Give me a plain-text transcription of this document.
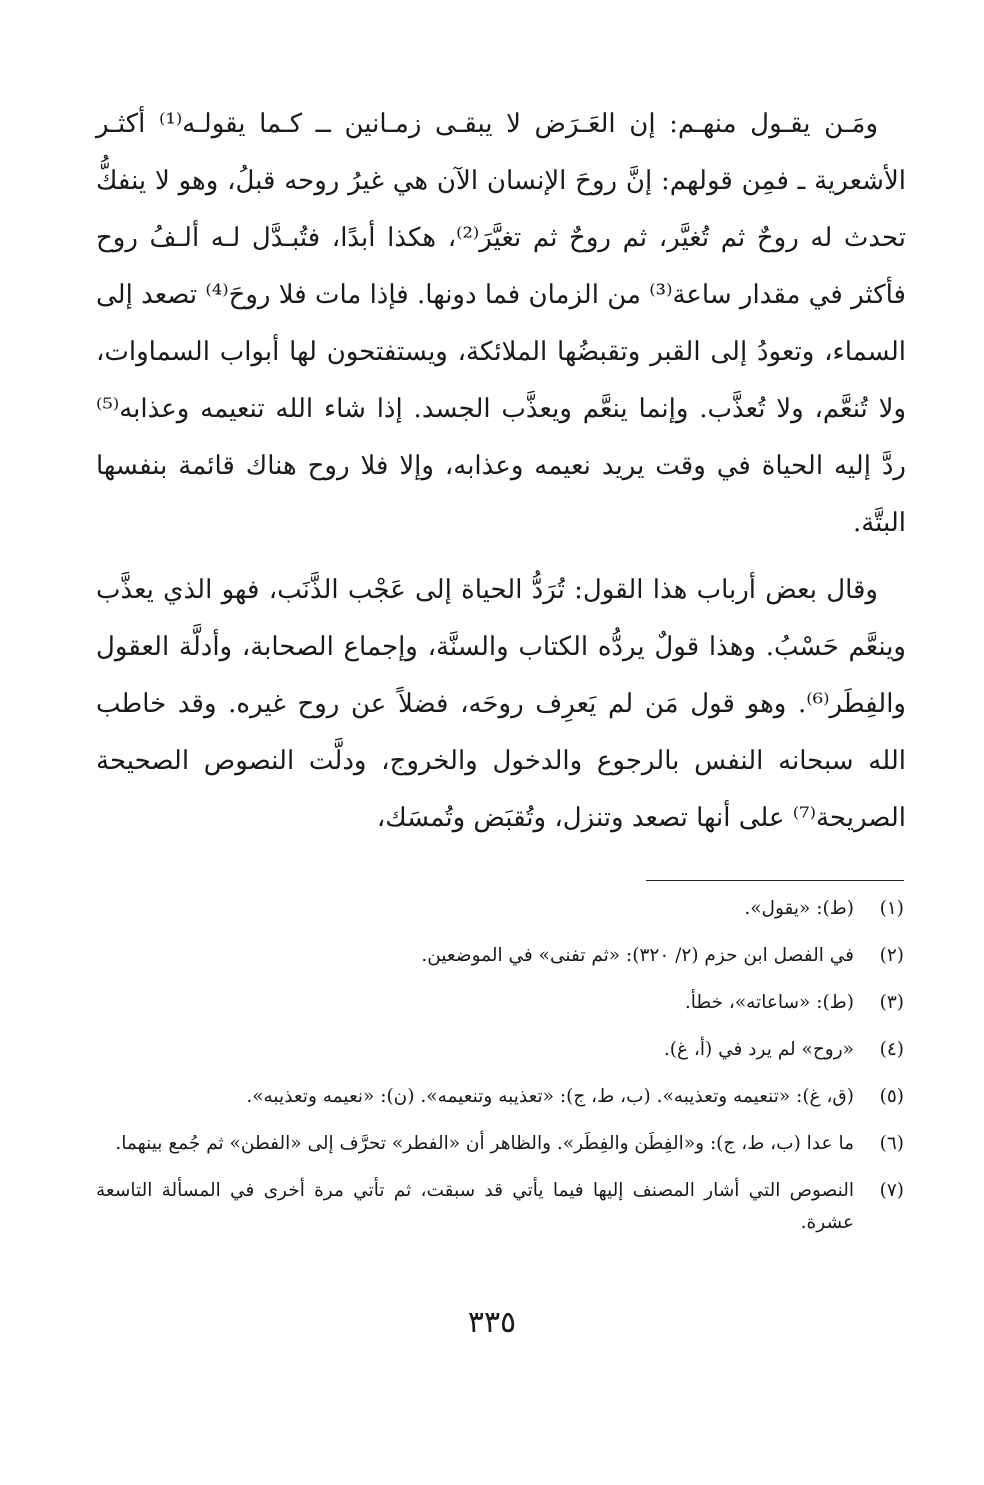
ومَـن يقـول منهـم: إن العَـرَض لا يبقـى زمـانين ــ كـما يقولـه⁽¹⁾ أكثـر الأشعرية ـ فمِن قولهم: إنَّ روحَ الإنسان الآن هي غيرُ روحه قبلُ، وهو لا ينفكُّ تحدث له روحٌ ثم تُغيَّر، ثم روحٌ ثم تغيَّرَ⁽²⁾، هكذا أبدًا، فتُبـدَّل لـه ألـفُ روح فأكثر في مقدار ساعة⁽³⁾ من الزمان فما دونها. فإذا مات فلا روحَ⁽⁴⁾ تصعد إلى السماء، وتعودُ إلى القبر وتقبضُها الملائكة، ويستفتحون لها أبواب السماوات، ولا تُنعَّم، ولا تُعذَّب. وإنما ينعَّم ويعذَّب الجسد. إذا شاء الله تنعيمه وعذابه⁽⁵⁾ ردَّ إليه الحياة في وقت يريد نعيمه وعذابه، وإلا فلا روح هناك قائمة بنفسها البتَّة.

وقال بعض أرباب هذا القول: تُرَدُّ الحياة إلى عَجْب الذَّنَب، فهو الذي يعذَّب وينعَّم حَسْبُ. وهذا قولٌ يردُّه الكتاب والسنَّة، وإجماع الصحابة، وأدلَّة العقول والفِطَر⁽⁶⁾. وهو قول مَن لم يَعرِف روحَه، فضلاً عن روح غيره. وقد خاطب الله سبحانه النفس بالرجوع والدخول والخروج، ودلَّت النصوص الصحيحة الصريحة⁽⁷⁾ على أنها تصعد وتنزل، وتُقبَض وتُمسَك،

(١)
(ط): «يقول».
(٢)
في الفصل ابن حزم (٢/ ٣٢٠): «ثم تفنى» في الموضعين.
(٣)
(ط): «ساعاته»، خطأ.
(٤)
«روح» لم يرد في (أ، غ).
(٥)
(ق، غ): «تنعيمه وتعذيبه». (ب، ط، ج): «تعذيبه وتنعيمه». (ن): «نعيمه وتعذيبه».
(٦)
ما عدا (ب، ط، ج): و«الفِطَن والفِطَر». والظاهر أن «الفطر» تحرَّف إلى «الفطن» ثم جُمع بينهما.
(٧)
النصوص التي أشار المصنف إليها فيما يأتي قد سبقت، ثم تأتي مرة أخرى في المسألة التاسعة عشرة.
٣٣٥
